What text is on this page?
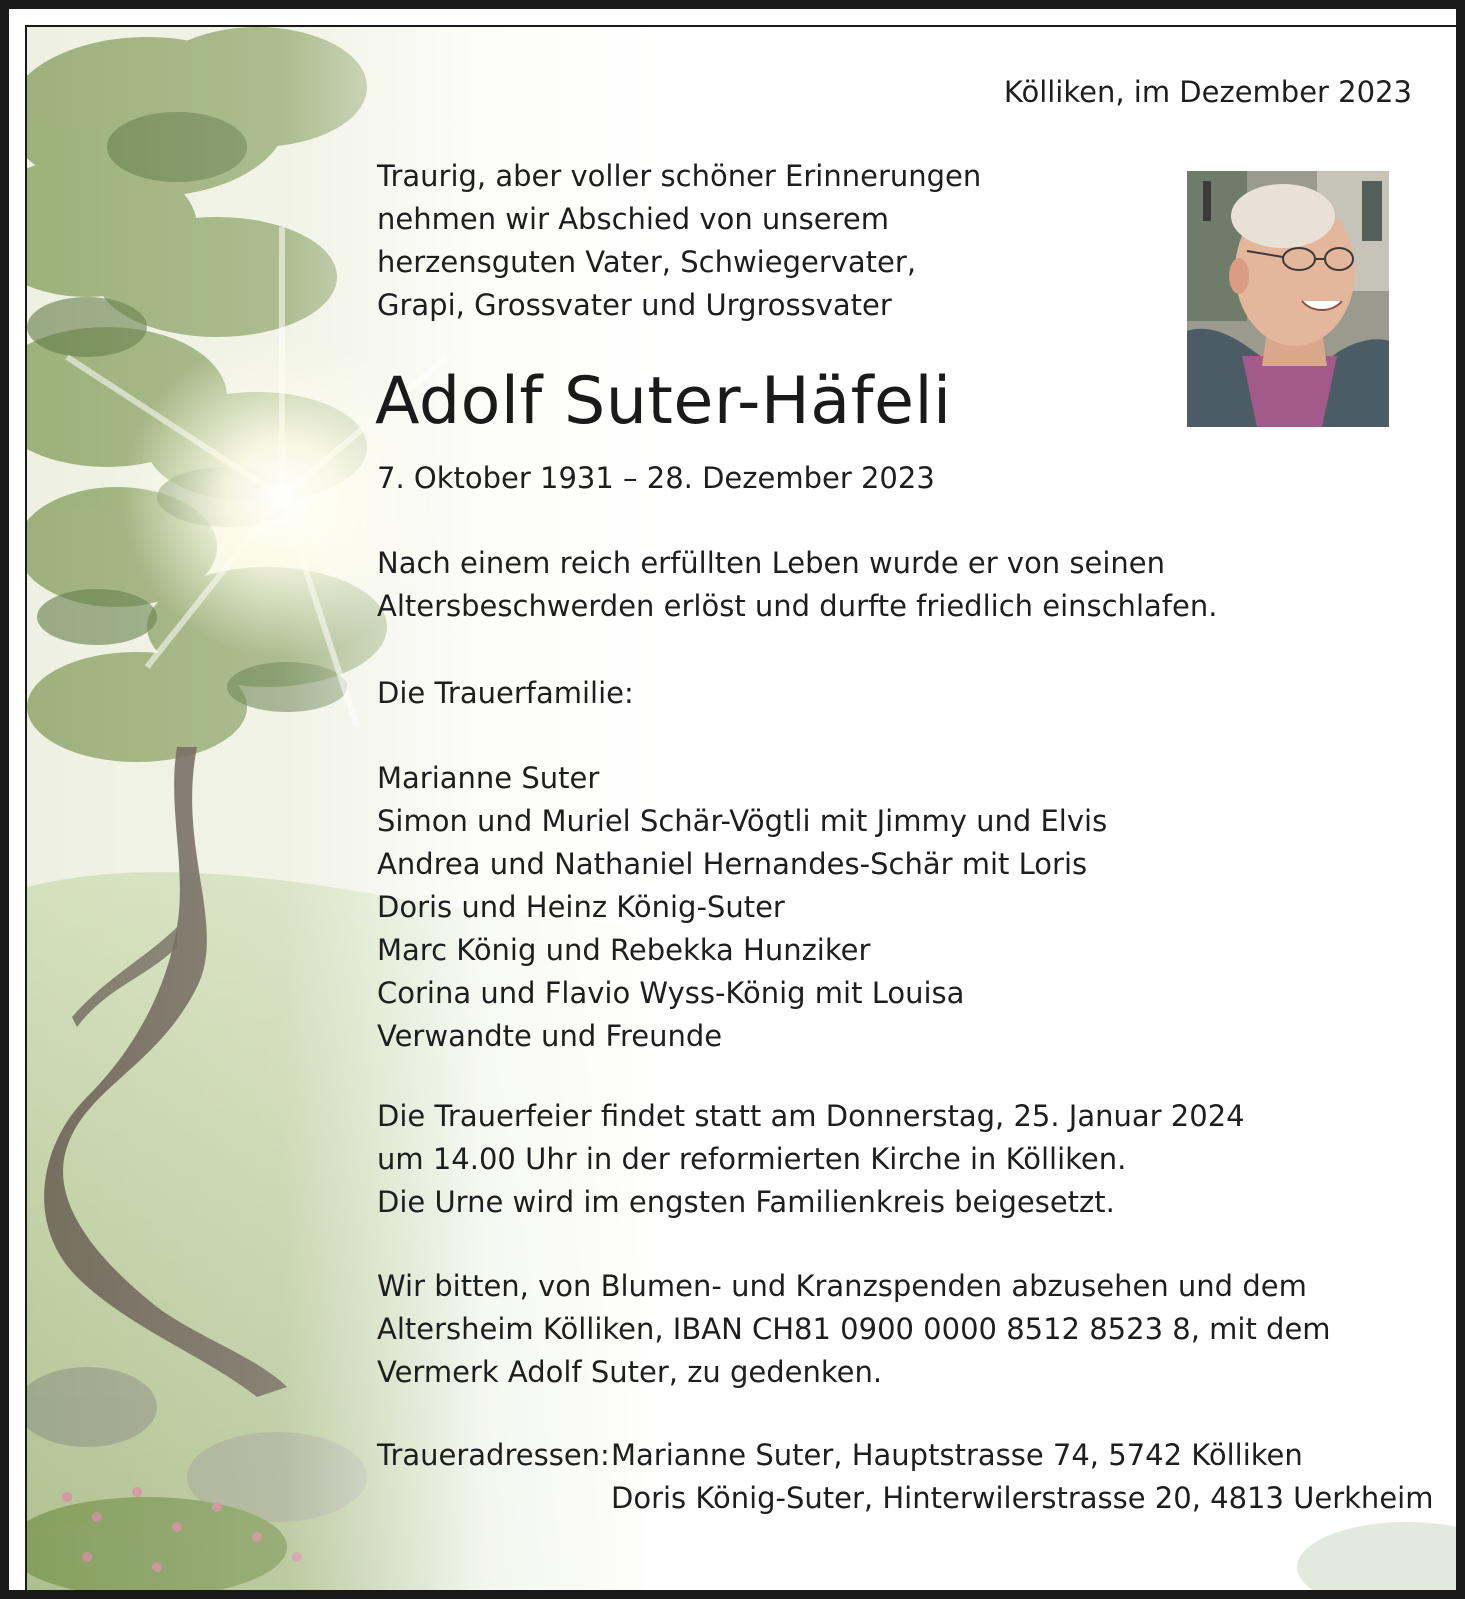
Kölliken, im Dezember 2023
Traurig, aber voller schöner Erinnerungen
nehmen wir Abschied von unserem
herzensguten Vater, Schwiegervater,
Grapi, Grossvater und Urgrossvater
Adolf Suter-Häfeli
7. Oktober 1931 – 28. Dezember 2023
Nach einem reich erfüllten Leben wurde er von seinen
Altersbeschwerden erlöst und durfte friedlich einschlafen.
Die Trauerfamilie:
Marianne Suter
Simon und Muriel Schär-Vögtli mit Jimmy und Elvis
Andrea und Nathaniel Hernandes-Schär mit Loris
Doris und Heinz König-Suter
Marc König und Rebekka Hunziker
Corina und Flavio Wyss-König mit Louisa
Verwandte und Freunde
Die Trauerfeier findet statt am Donnerstag, 25. Januar 2024
um 14.00 Uhr in der reformierten Kirche in Kölliken.
Die Urne wird im engsten Familienkreis beigesetzt.
Wir bitten, von Blumen- und Kranzspenden abzusehen und dem
Altersheim Kölliken, IBAN CH81 0900 0000 8512 8523 8, mit dem
Vermerk Adolf Suter, zu gedenken.
Traueradressen: Marianne Suter, Hauptstrasse 74, 5742 Kölliken
Doris König-Suter, Hinterwilerstrasse 20, 4813 Uerkheim
